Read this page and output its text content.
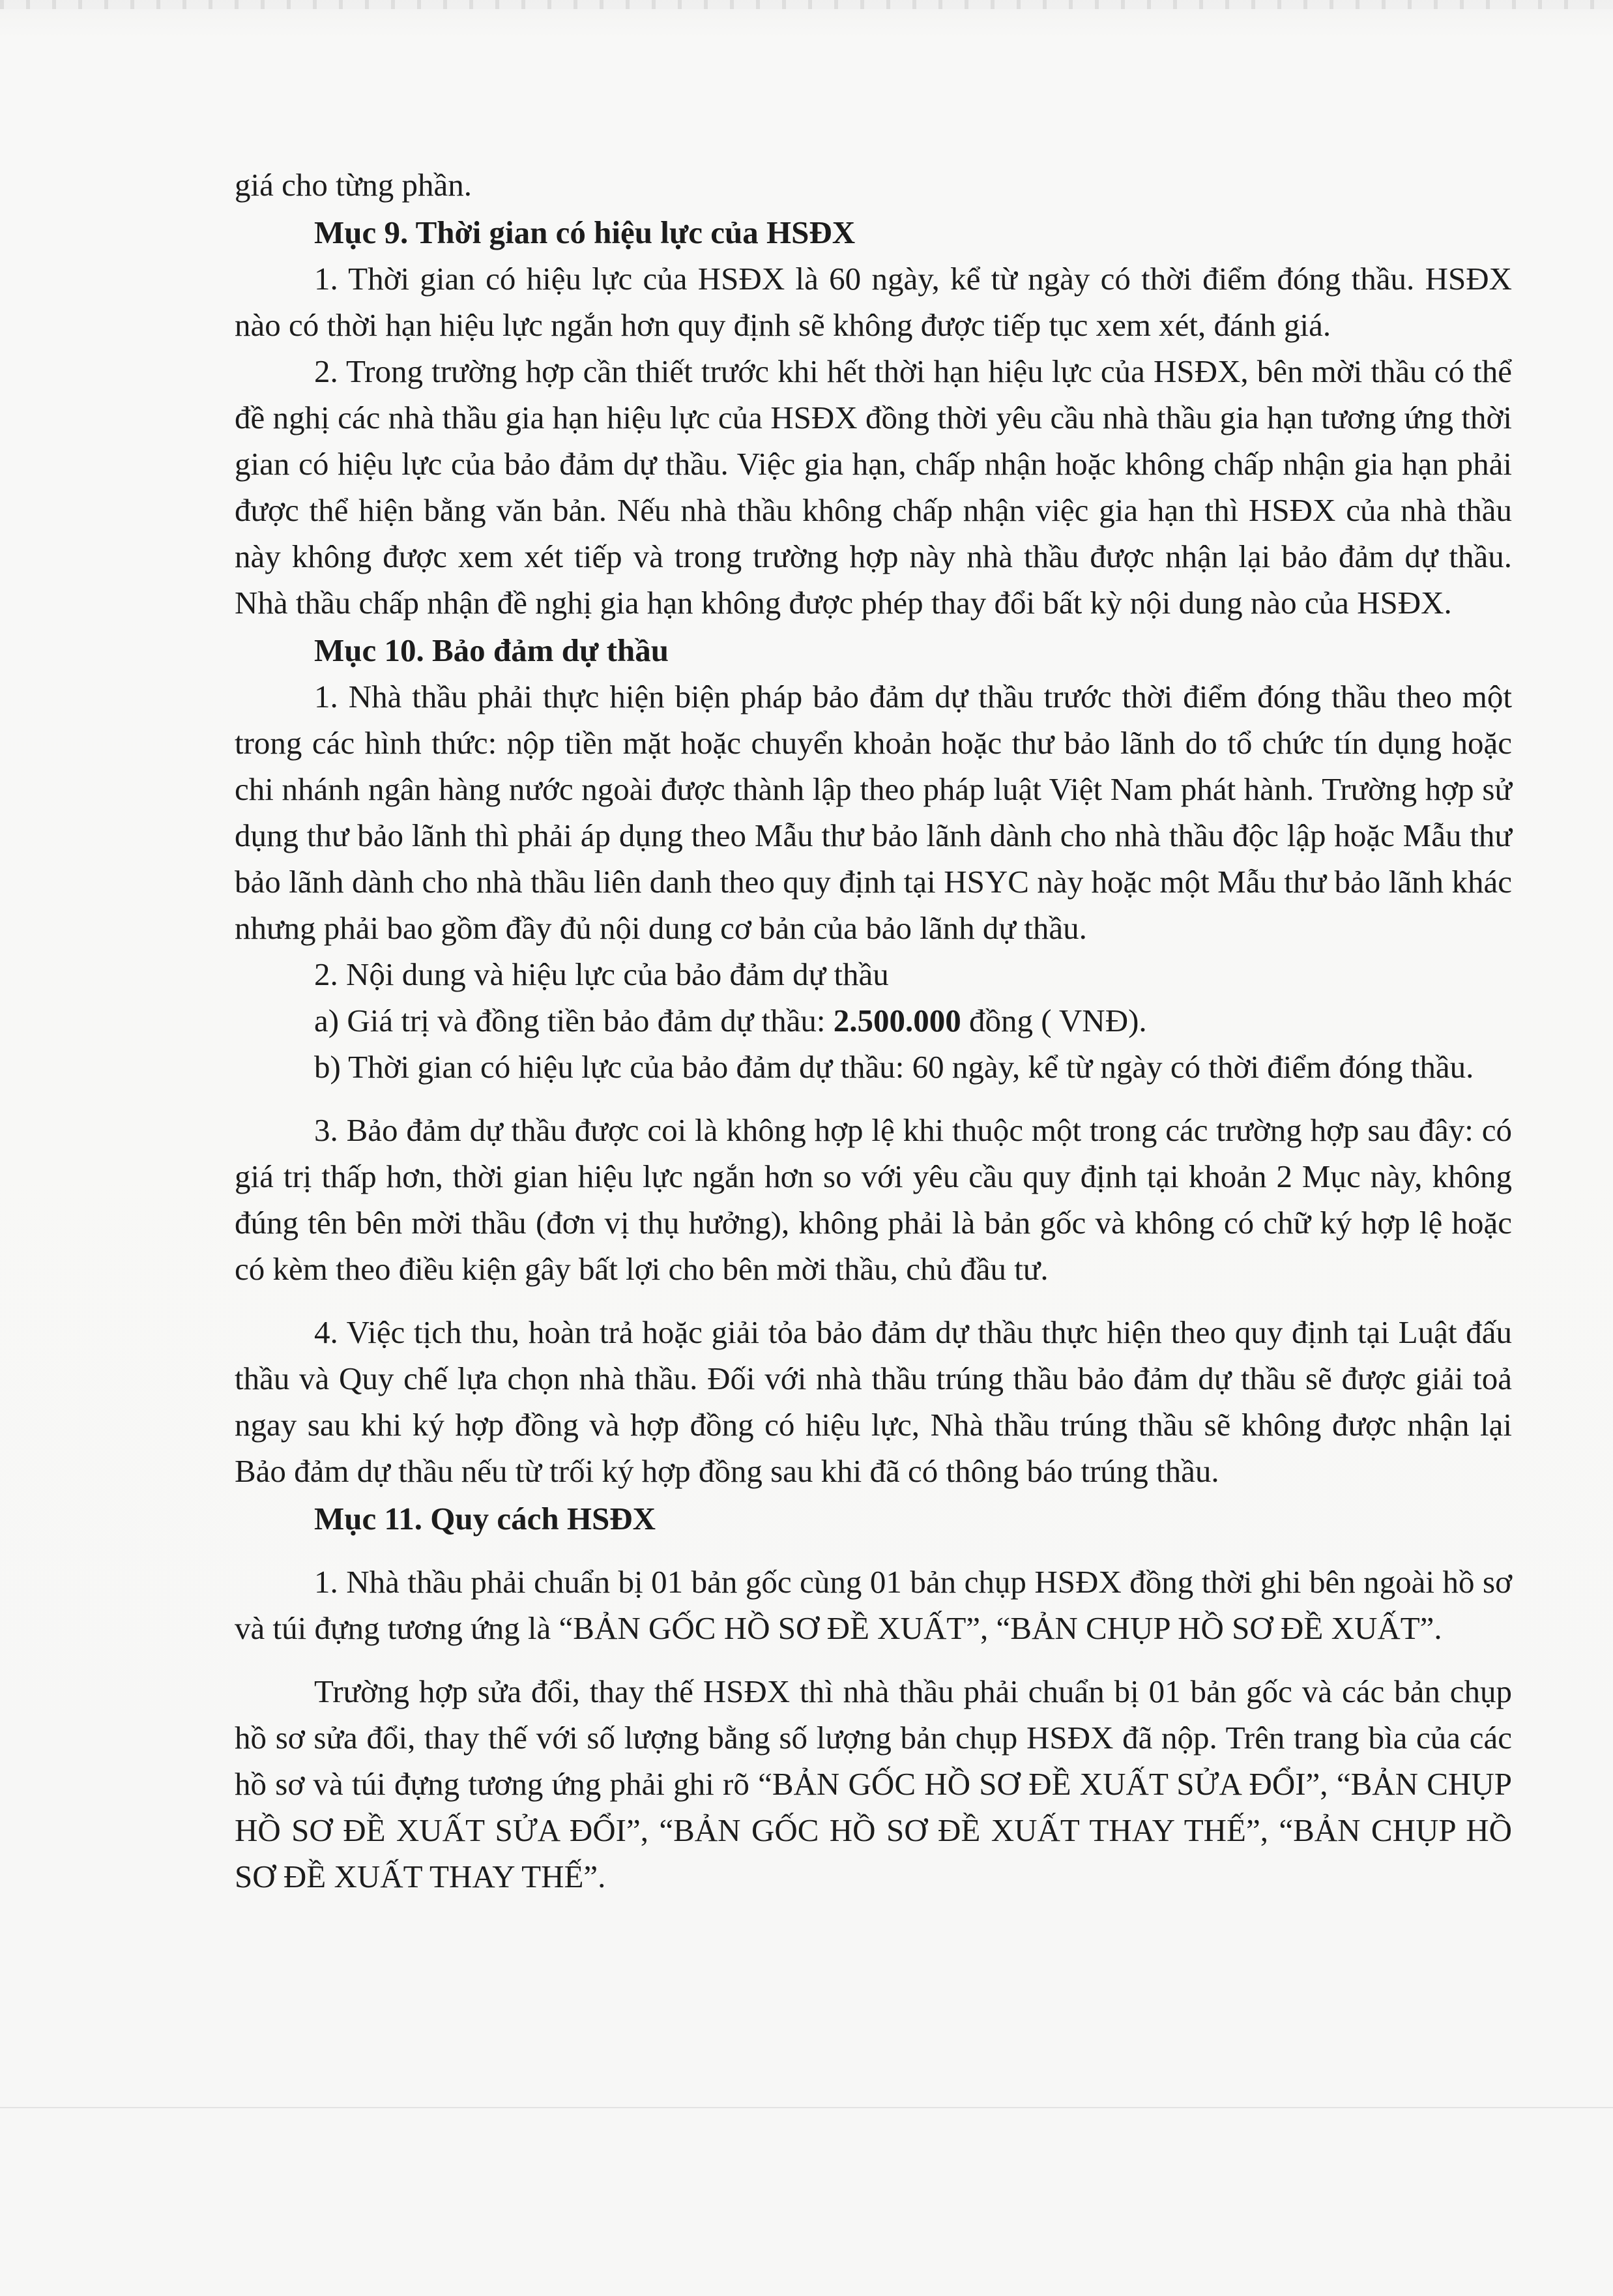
giá cho từng phần.

Mục 9. Thời gian có hiệu lực của HSĐX

1. Thời gian có hiệu lực của HSĐX là 60 ngày, kể từ ngày có thời điểm đóng thầu. HSĐX nào có thời hạn hiệu lực ngắn hơn quy định sẽ không được tiếp tục xem xét, đánh giá.

2. Trong trường hợp cần thiết trước khi hết thời hạn hiệu lực của HSĐX, bên mời thầu có thể đề nghị các nhà thầu gia hạn hiệu lực của HSĐX đồng thời yêu cầu nhà thầu gia hạn tương ứng thời gian có hiệu lực của bảo đảm dự thầu. Việc gia hạn, chấp nhận hoặc không chấp nhận gia hạn phải được thể hiện bằng văn bản. Nếu nhà thầu không chấp nhận việc gia hạn thì HSĐX của nhà thầu này không được xem xét tiếp và trong trường hợp này nhà thầu được nhận lại bảo đảm dự thầu. Nhà thầu chấp nhận đề nghị gia hạn không được phép thay đổi bất kỳ nội dung nào của HSĐX.

Mục 10. Bảo đảm dự thầu

1. Nhà thầu phải thực hiện biện pháp bảo đảm dự thầu trước thời điểm đóng thầu theo một trong các hình thức: nộp tiền mặt hoặc chuyển khoản hoặc thư bảo lãnh do tổ chức tín dụng hoặc chi nhánh ngân hàng nước ngoài được thành lập theo pháp luật Việt Nam phát hành. Trường hợp sử dụng thư bảo lãnh thì phải áp dụng theo Mẫu thư bảo lãnh dành cho nhà thầu độc lập hoặc Mẫu thư bảo lãnh dành cho nhà thầu liên danh theo quy định tại HSYC này hoặc một Mẫu thư bảo lãnh khác nhưng phải bao gồm đầy đủ nội dung cơ bản của bảo lãnh dự thầu.

2. Nội dung và hiệu lực của bảo đảm dự thầu

a) Giá trị và đồng tiền bảo đảm dự thầu: 2.500.000 đồng ( VNĐ).

b) Thời gian có hiệu lực của bảo đảm dự thầu: 60 ngày, kể từ ngày có thời điểm đóng thầu.

3. Bảo đảm dự thầu được coi là không hợp lệ khi thuộc một trong các trường hợp sau đây: có giá trị thấp hơn, thời gian hiệu lực ngắn hơn so với yêu cầu quy định tại khoản 2 Mục này, không đúng tên bên mời thầu (đơn vị thụ hưởng), không phải là bản gốc và không có chữ ký hợp lệ hoặc có kèm theo điều kiện gây bất lợi cho bên mời thầu, chủ đầu tư.

4. Việc tịch thu, hoàn trả hoặc giải tỏa bảo đảm dự thầu thực hiện theo quy định tại Luật đấu thầu và Quy chế lựa chọn nhà thầu. Đối với nhà thầu trúng thầu bảo đảm dự thầu sẽ được giải toả ngay sau khi ký hợp đồng và hợp đồng có hiệu lực, Nhà thầu trúng thầu sẽ không được nhận lại Bảo đảm dự thầu nếu từ trối ký hợp đồng sau khi đã có thông báo trúng thầu.

Mục 11. Quy cách HSĐX

1. Nhà thầu phải chuẩn bị 01 bản gốc cùng 01 bản chụp HSĐX đồng thời ghi bên ngoài hồ sơ và túi đựng tương ứng là “BẢN GỐC HỒ SƠ ĐỀ XUẤT”, “BẢN CHỤP HỒ SƠ ĐỀ XUẤT”.

Trường hợp sửa đổi, thay thế HSĐX thì nhà thầu phải chuẩn bị 01 bản gốc và các bản chụp hồ sơ sửa đổi, thay thế với số lượng bằng số lượng bản chụp HSĐX đã nộp. Trên trang bìa của các hồ sơ và túi đựng tương ứng phải ghi rõ “BẢN GỐC HỒ SƠ ĐỀ XUẤT SỬA ĐỔI”, “BẢN CHỤP HỒ SƠ ĐỀ XUẤT SỬA ĐỔI”, “BẢN GỐC HỒ SƠ ĐỀ XUẤT THAY THẾ”, “BẢN CHỤP HỒ SƠ ĐỀ XUẤT THAY THẾ”.
